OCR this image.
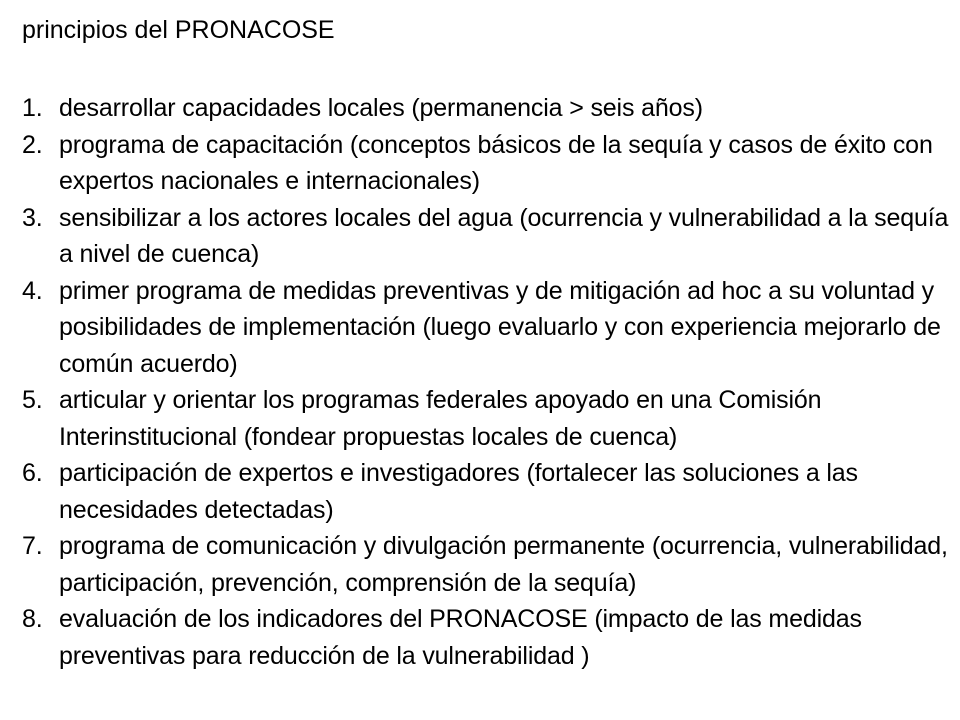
principios del PRONACOSE
1. desarrollar capacidades locales (permanencia > seis años)
2. programa de capacitación (conceptos básicos de la sequía y casos de éxito con expertos nacionales e internacionales)
3. sensibilizar a los actores locales del agua (ocurrencia y vulnerabilidad a la sequía a nivel de cuenca)
4. primer programa de medidas preventivas y de mitigación ad hoc a su voluntad y posibilidades de implementación (luego evaluarlo y con experiencia mejorarlo de común acuerdo)
5. articular y orientar los programas federales apoyado en una Comisión Interinstitucional (fondear propuestas locales de cuenca)
6. participación de expertos e investigadores (fortalecer las soluciones a las necesidades detectadas)
7. programa de comunicación y divulgación permanente (ocurrencia, vulnerabilidad, participación, prevención, comprensión de la sequía)
8. evaluación de los indicadores del PRONACOSE (impacto de las medidas preventivas para reducción de la vulnerabilidad )
